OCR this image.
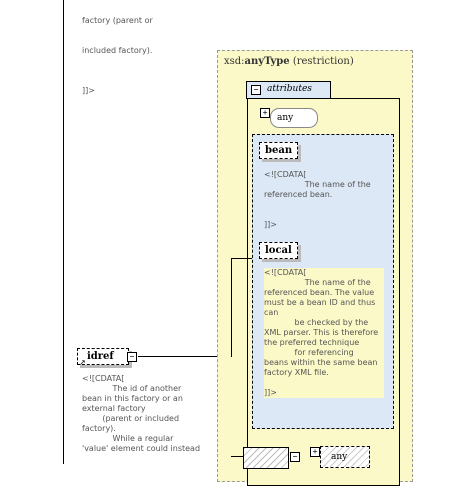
factory (parent or

included factory).

]]>

idref
↗
−
<![CDATA[
The id of another
bean in this factory or an
external factory
(parent or included
factory).
While a regular
'value' element could instead
xsd:anyType (restriction)
− attributes
+
any
bean
<![CDATA[
The name of the
referenced bean.

]]>
local
<![CDATA[
The name of the
referenced bean. The value
must be a bean ID and thus
can
be checked by the
XML parser. This is therefore
the preferred technique
for referencing
beans within the same bean
factory XML file.

]]>
−
+
any
